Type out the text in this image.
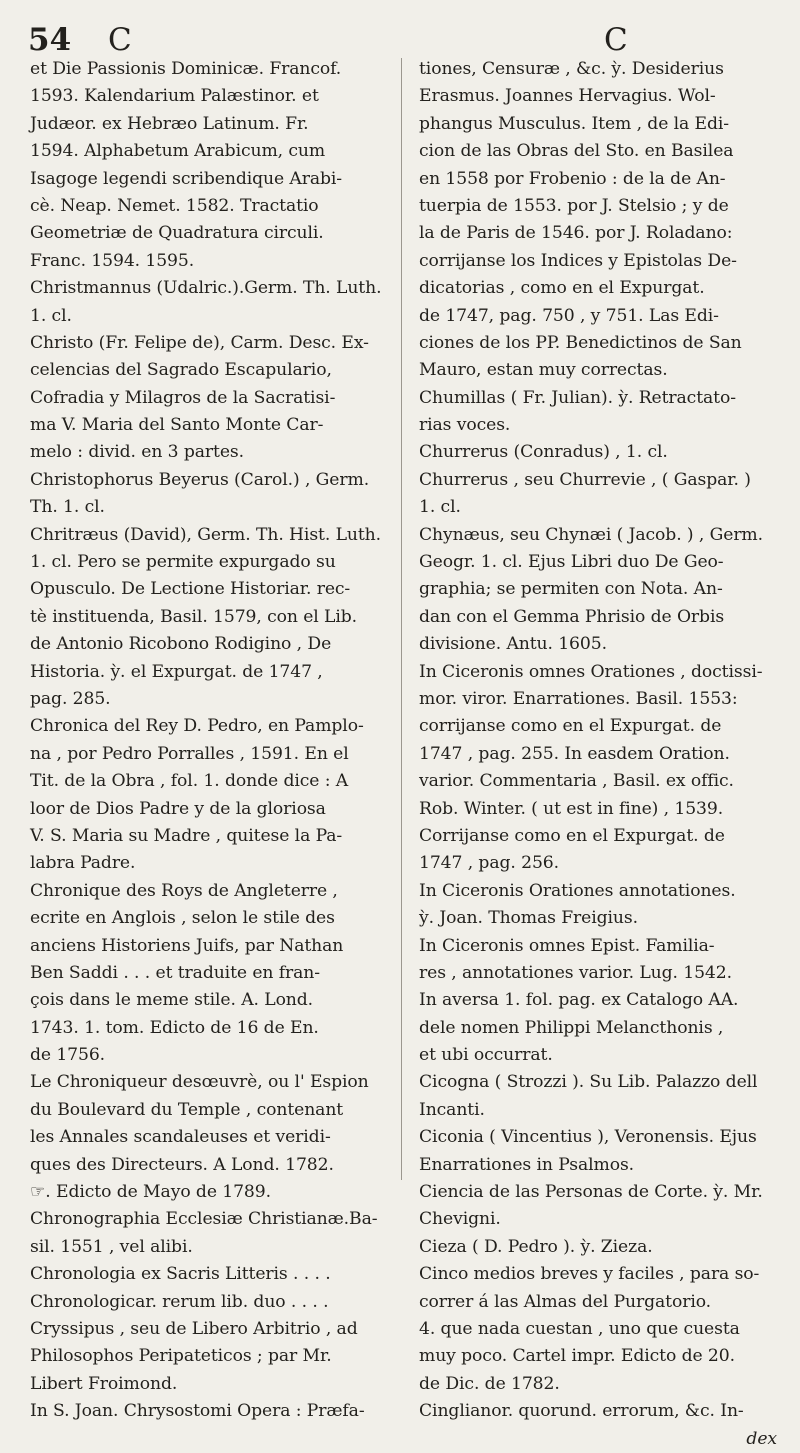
54 C	C
et Die Passionis Dominicæ. Francof.
1593. Kalendarium Palæstinor. et
Judæor. ex Hebræo Latinum. Fr.
1594. Alphabetum Arabicum, cum
Isagoge legendi scribendique Arabi-
cè. Neap. Nemet. 1582. Tractatio
Geometriæ de Quadratura circuli.
Franc. 1594. 1595.
Christmannus (Udalric.).Germ. Th. Luth.
1. cl.
Christo (Fr. Felipe de), Carm. Desc. Ex-
celencias del Sagrado Escapulario,
Cofradia y Milagros de la Sacratisi-
ma V. Maria del Santo Monte Car-
melo : divid. en 3 partes.
Christophorus Beyerus (Carol.) , Germ.
Th. 1. cl.
Chritræus (David), Germ. Th. Hist. Luth.
1. cl. Pero se permite expurgado su
Opusculo. De Lectione Historiar. rec-
tè instituenda, Basil. 1579, con el Lib.
de Antonio Ricobono Rodigino , De
Historia. ỳ. el Expurgat. de 1747 ,
pag. 285.
Chronica del Rey D. Pedro, en Pamplo-
na , por Pedro Porralles , 1591. En el
Tit. de la Obra , fol. 1. donde dice : A
loor de Dios Padre y de la gloriosa
V. S. Maria su Madre , quitese la Pa-
labra Padre.
Chronique des Roys de Angleterre ,
ecrite en Anglois , selon le stile des
anciens Historiens Juifs, par Nathan
Ben Saddi . . . et traduite en fran-
çois dans le meme stile. A. Lond.
1743. 1. tom. Edicto de 16 de En.
de 1756.
Le Chroniqueur desœuvrè, ou l' Espion
du Boulevard du Temple , contenant
les Annales scandaleuses et veridi-
ques des Directeurs. A Lond. 1782.
☞. Edicto de Mayo de 1789.
Chronographia Ecclesiæ Christianæ.Ba-
sil. 1551 , vel alibi.
Chronologia ex Sacris Litteris . . . .
Chronologicar. rerum lib. duo . . . .
Cryssipus , seu de Libero Arbitrio , ad
Philosophos Peripateticos ; par Mr.
Libert Froimond.
In S. Joan. Chrysostomi Opera : Præfa-
tiones, Censuræ , &c. ỳ. Desiderius
Erasmus. Joannes Hervagius. Wol-
phangus Musculus. Item , de la Edi-
cion de las Obras del Sto. en Basilea
en 1558 por Frobenio : de la de An-
tuerpia de 1553. por J. Stelsio ; y de
la de Paris de 1546. por J. Roladano:
corrijanse los Indices y Epistolas De-
dicatorias , como en el Expurgat.
de 1747, pag. 750 , y 751. Las Edi-
ciones de los PP. Benedictinos de San
Mauro, estan muy correctas.
Chumillas ( Fr. Julian). ỳ. Retractato-
rias voces.
Churrerus (Conradus) , 1. cl.
Churrerus , seu Churrevie , ( Gaspar. )
1. cl.
Chynæus, seu Chynæi ( Jacob. ) , Germ.
Geogr. 1. cl. Ejus Libri duo De Geo-
graphia; se permiten con Nota. An-
dan con el Gemma Phrisio de Orbis
divisione. Antu. 1605.
In Ciceronis omnes Orationes , doctissi-
mor. viror. Enarrationes. Basil. 1553:
corrijanse como en el Expurgat. de
1747 , pag. 255. In easdem Oration.
varior. Commentaria , Basil. ex offic.
Rob. Winter. ( ut est in fine) , 1539.
Corrijanse como en el Expurgat. de
1747 , pag. 256.
In Ciceronis Orationes annotationes.
ỳ. Joan. Thomas Freigius.
In Ciceronis omnes Epist. Familia-
res , annotationes varior. Lug. 1542.
In aversa 1. fol. pag. ex Catalogo AA.
dele nomen Philippi Melancthonis ,
et ubi occurrat.
Cicogna ( Strozzi ). Su Lib. Palazzo dell
Incanti.
Ciconia ( Vincentius ), Veronensis. Ejus
Enarrationes in Psalmos.
Ciencia de las Personas de Corte. ỳ. Mr.
Chevigni.
Cieza ( D. Pedro ). ỳ. Zieza.
Cinco medios breves y faciles , para so-
correr á las Almas del Purgatorio.
4. que nada cuestan , uno que cuesta
muy poco. Cartel impr. Edicto de 20.
de Dic. de 1782.
Cinglianor. quorund. errorum, &c. In-
dex
